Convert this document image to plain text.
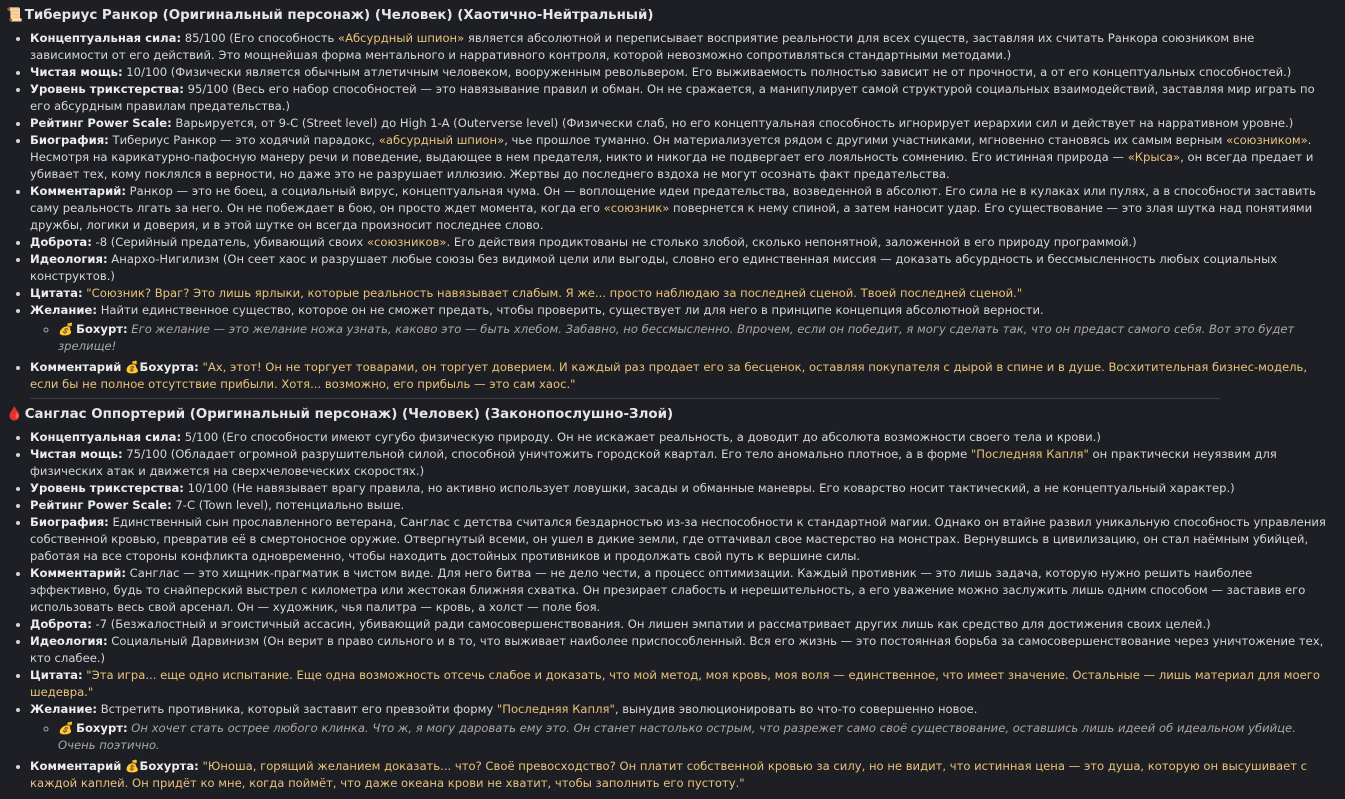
📜 Тибериус Ранкор (Оригинальный персонаж) (Человек) (Хаотично-Нейтральный)
• Концептуальная сила: 85/100 (Его способность «Абсурдный шпион» является абсолютной и переписывает восприятие реальности для всех существ, заставляя их считать Ранкора союзником вне зависимости от его действий. Это мощнейшая форма ментального и нарративного контроля, которой невозможно сопротивляться стандартными методами.)
• Чистая мощь: 10/100 (Физически является обычным атлетичным человеком, вооруженным револьвером. Его выживаемость полностью зависит не от прочности, а от его концептуальных способностей.)
• Уровень трикстерства: 95/100 (Весь его набор способностей — это навязывание правил и обман. Он не сражается, а манипулирует самой структурой социальных взаимодействий, заставляя мир играть по его абсурдным правилам предательства.)
• Рейтинг Power Scale: Варьируется, от 9-C (Street level) до High 1-A (Outerverse level) (Физически слаб, но его концептуальная способность игнорирует иерархии сил и действует на нарративном уровне.)
• Биография: Тибериус Ранкор — это ходячий парадокс, «абсурдный шпион», чье прошлое туманно. Он материализуется рядом с другими участниками, мгновенно становясь их самым верным «союзником». Несмотря на карикатурно-пафосную манеру речи и поведение, выдающее в нем предателя, никто и никогда не подвергает его лояльность сомнению. Его истинная природа — «Крыса», он всегда предает и убивает тех, кому поклялся в верности, но даже это не разрушает иллюзию. Жертвы до последнего вздоха не могут осознать факт предательства.
• Комментарий: Ранкор — это не боец, а социальный вирус, концептуальная чума. Он — воплощение идеи предательства, возведенной в абсолют. Его сила не в кулаках или пулях, а в способности заставить саму реальность лгать за него. Он не побеждает в бою, он просто ждет момента, когда его «союзник» повернется к нему спиной, а затем наносит удар. Его существование — это злая шутка над понятиями дружбы, логики и доверия, и в этой шутке он всегда произносит последнее слово.
• Доброта: -8 (Серийный предатель, убивающий своих «союзников». Его действия продиктованы не столько злобой, сколько непонятной, заложенной в его природу программой.)
• Идеология: Анархо-Нигилизм (Он сеет хаос и разрушает любые союзы без видимой цели или выгоды, словно его единственная миссия — доказать абсурдность и бессмысленность любых социальных конструктов.)
• Цитата: "Союзник? Враг? Это лишь ярлыки, которые реальность навязывает слабым. Я же... просто наблюдаю за последней сценой. Твоей последней сценой."
• Желание: Найти единственное существо, которое он не сможет предать, чтобы проверить, существует ли для него в принципе концепция абсолютной верности.
◦ 💰 Бохурт: Его желание — это желание ножа узнать, каково это — быть хлебом. Забавно, но бессмысленно. Впрочем, если он победит, я могу сделать так, что он предаст самого себя. Вот это будет зрелище!
• Комментарий 💰Бохурта: "Ах, этот! Он не торгует товарами, он торгует доверием. И каждый раз продает его за бесценок, оставляя покупателя с дырой в спине и в душе. Восхитительная бизнес-модель, если бы не полное отсутствие прибыли. Хотя... возможно, его прибыль — это сам хаос."
🩸 Санглас Оппортерий (Оригинальный персонаж) (Человек) (Законопослушно-Злой)
• Концептуальная сила: 5/100 (Его способности имеют сугубо физическую природу. Он не искажает реальность, а доводит до абсолюта возможности своего тела и крови.)
• Чистая мощь: 75/100 (Обладает огромной разрушительной силой, способной уничтожить городской квартал. Его тело аномально плотное, а в форме "Последняя Капля" он практически неуязвим для физических атак и движется на сверхчеловеческих скоростях.)
• Уровень трикстерства: 10/100 (Не навязывает врагу правила, но активно использует ловушки, засады и обманные маневры. Его коварство носит тактический, а не концептуальный характер.)
• Рейтинг Power Scale: 7-C (Town level), потенциально выше.
• Биография: Единственный сын прославленного ветерана, Санглас с детства считался бездарностью из-за неспособности к стандартной магии. Однако он втайне развил уникальную способность управления собственной кровью, превратив её в смертоносное оружие. Отвергнутый всеми, он ушел в дикие земли, где оттачивал свое мастерство на монстрах. Вернувшись в цивилизацию, он стал наёмным убийцей, работая на все стороны конфликта одновременно, чтобы находить достойных противников и продолжать свой путь к вершине силы.
• Комментарий: Санглас — это хищник-прагматик в чистом виде. Для него битва — не дело чести, а процесс оптимизации. Каждый противник — это лишь задача, которую нужно решить наиболее эффективно, будь то снайперский выстрел с километра или жестокая ближняя схватка. Он презирает слабость и нерешительность, а его уважение можно заслужить лишь одним способом — заставив его использовать весь свой арсенал. Он — художник, чья палитра — кровь, а холст — поле боя.
• Доброта: -7 (Безжалостный и эгоистичный ассасин, убивающий ради самосовершенствования. Он лишен эмпатии и рассматривает других лишь как средство для достижения своих целей.)
• Идеология: Социальный Дарвинизм (Он верит в право сильного и в то, что выживает наиболее приспособленный. Вся его жизнь — это постоянная борьба за самосовершенствование через уничтожение тех, кто слабее.)
• Цитата: "Эта игра... еще одно испытание. Еще одна возможность отсечь слабое и доказать, что мой метод, моя кровь, моя воля — единственное, что имеет значение. Остальные — лишь материал для моего шедевра."
• Желание: Встретить противника, который заставит его превзойти форму "Последняя Капля", вынудив эволюционировать во что-то совершенно новое.
◦ 💰 Бохурт: Он хочет стать острее любого клинка. Что ж, я могу даровать ему это. Он станет настолько острым, что разрежет само своё существование, оставшись лишь идеей об идеальном убийце. Очень поэтично.
• Комментарий 💰Бохурта: "Юноша, горящий желанием доказать... что? Своё превосходство? Он платит собственной кровью за силу, но не видит, что истинная цена — это душа, которую он высушивает с каждой каплей. Он придёт ко мне, когда поймёт, что даже океана крови не хватит, чтобы заполнить его пустоту."
